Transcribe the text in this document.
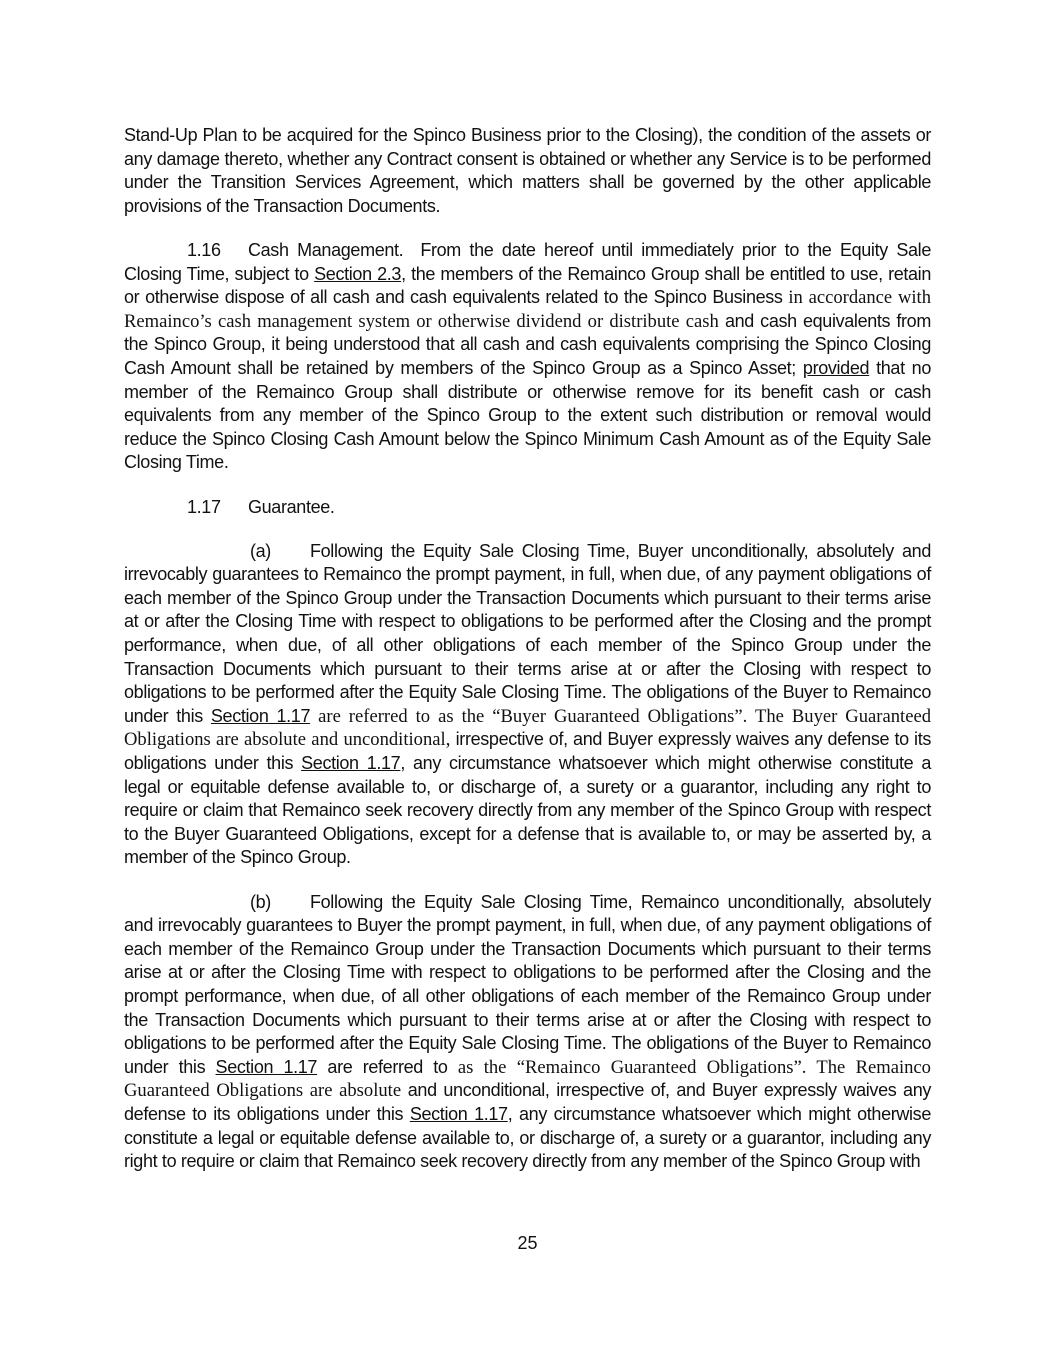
Stand-Up Plan to be acquired for the Spinco Business prior to the Closing), the condition of the assets or any damage thereto, whether any Contract consent is obtained or whether any Service is to be performed under the Transition Services Agreement, which matters shall be governed by the other applicable provisions of the Transaction Documents.

1.16 Cash Management. From the date hereof until immediately prior to the Equity Sale Closing Time, subject to Section 2.3, the members of the Remainco Group shall be entitled to use, retain or otherwise dispose of all cash and cash equivalents related to the Spinco Business in accordance with Remainco’s cash management system or otherwise dividend or distribute cash and cash equivalents from the Spinco Group, it being understood that all cash and cash equivalents comprising the Spinco Closing Cash Amount shall be retained by members of the Spinco Group as a Spinco Asset; provided that no member of the Remainco Group shall distribute or otherwise remove for its benefit cash or cash equivalents from any member of the Spinco Group to the extent such distribution or removal would reduce the Spinco Closing Cash Amount below the Spinco Minimum Cash Amount as of the Equity Sale Closing Time.

1.17 Guarantee.

(a) Following the Equity Sale Closing Time, Buyer unconditionally, absolutely and irrevocably guarantees to Remainco the prompt payment, in full, when due, of any payment obligations of each member of the Spinco Group under the Transaction Documents which pursuant to their terms arise at or after the Closing Time with respect to obligations to be performed after the Closing and the prompt performance, when due, of all other obligations of each member of the Spinco Group under the Transaction Documents which pursuant to their terms arise at or after the Closing with respect to obligations to be performed after the Equity Sale Closing Time. The obligations of the Buyer to Remainco under this Section 1.17 are referred to as the “Buyer Guaranteed Obligations”. The Buyer Guaranteed Obligations are absolute and unconditional, irrespective of, and Buyer expressly waives any defense to its obligations under this Section 1.17, any circumstance whatsoever which might otherwise constitute a legal or equitable defense available to, or discharge of, a surety or a guarantor, including any right to require or claim that Remainco seek recovery directly from any member of the Spinco Group with respect to the Buyer Guaranteed Obligations, except for a defense that is available to, or may be asserted by, a member of the Spinco Group.

(b) Following the Equity Sale Closing Time, Remainco unconditionally, absolutely and irrevocably guarantees to Buyer the prompt payment, in full, when due, of any payment obligations of each member of the Remainco Group under the Transaction Documents which pursuant to their terms arise at or after the Closing Time with respect to obligations to be performed after the Closing and the prompt performance, when due, of all other obligations of each member of the Remainco Group under the Transaction Documents which pursuant to their terms arise at or after the Closing with respect to obligations to be performed after the Equity Sale Closing Time. The obligations of the Buyer to Remainco under this Section 1.17 are referred to as the “Remainco Guaranteed Obligations”. The Remainco Guaranteed Obligations are absolute and unconditional, irrespective of, and Buyer expressly waives any defense to its obligations under this Section 1.17, any circumstance whatsoever which might otherwise constitute a legal or equitable defense available to, or discharge of, a surety or a guarantor, including any right to require or claim that Remainco seek recovery directly from any member of the Spinco Group with

25
